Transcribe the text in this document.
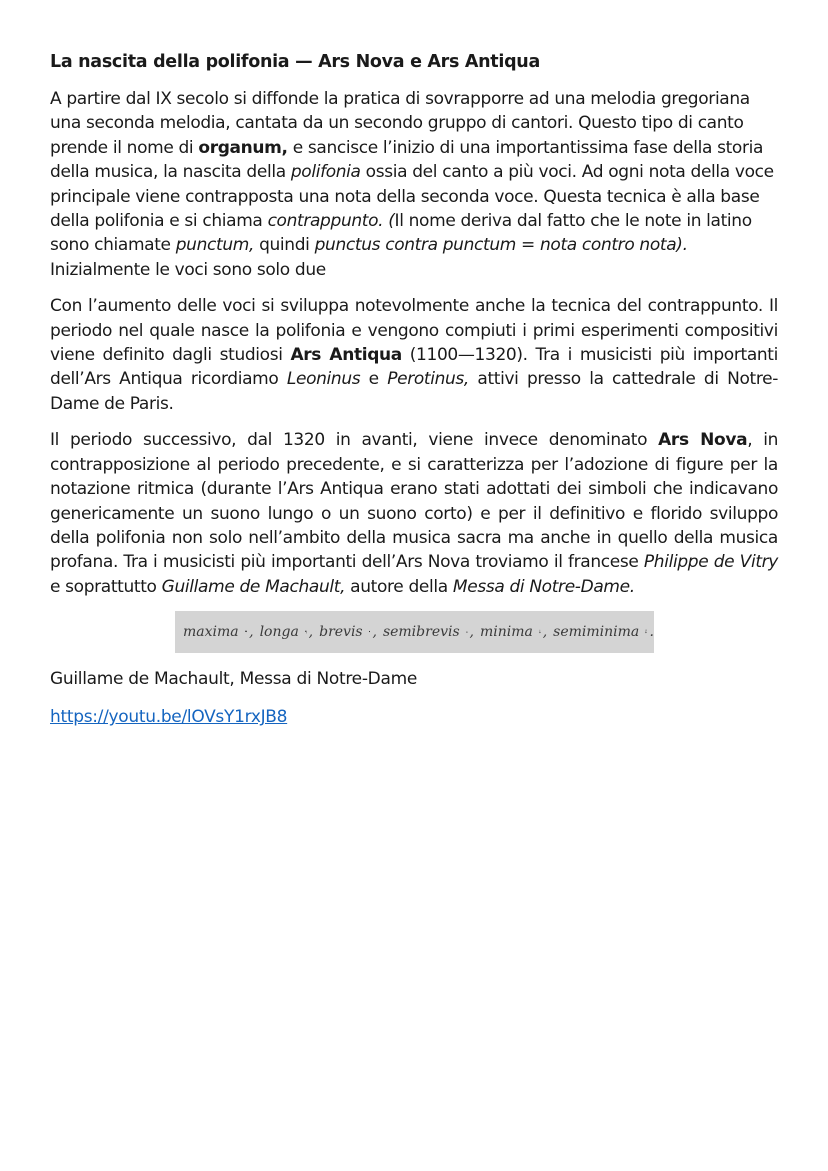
La nascita della polifonia — Ars Nova e Ars Antiqua

A partire dal IX secolo si diffonde la pratica di sovrapporre ad una melodia gregoriana una seconda melodia, cantata da un secondo gruppo di cantori. Questo tipo di canto prende il nome di organum, e sancisce l’inizio di una importantissima fase della storia della musica, la nascita della polifonia ossia del canto a più voci. Ad ogni nota della voce principale viene contrapposta una nota della seconda voce. Questa tecnica è alla base della polifonia e si chiama contrappunto. (Il nome deriva dal fatto che le note in latino sono chiamate punctum, quindi punctus contra punctum = nota contro nota).
Inizialmente le voci sono solo due

Con l’aumento delle voci si sviluppa notevolmente anche la tecnica del contrappunto. Il periodo nel quale nasce la polifonia e vengono compiuti i primi esperimenti compositivi viene definito dagli studiosi Ars Antiqua (1100—1320). Tra i musicisti più importanti dell’Ars Antiqua ricordiamo Leoninus e Perotinus, attivi presso la cattedrale di Notre-Dame de Paris.

Il periodo successivo, dal 1320 in avanti, viene invece denominato Ars Nova, in contrapposizione al periodo precedente, e si caratterizza per l’adozione di figure per la notazione ritmica (durante l’Ars Antiqua erano stati adottati dei simboli che indicavano genericamente un suono lungo o un suono corto) e per il definitivo e florido sviluppo della polifonia non solo nell’ambito della musica sacra ma anche in quello della musica profana. Tra i musicisti più importanti dell’Ars Nova troviamo il francese Philippe de Vitry e soprattutto Guillame de Machault, autore della Messa di Notre-Dame.

maxima , longa , brevis , semibrevis , minima , semiminima .
Guillame de Machault, Messa di Notre-Dame
https://youtu.be/lOVsY1rxJB8
